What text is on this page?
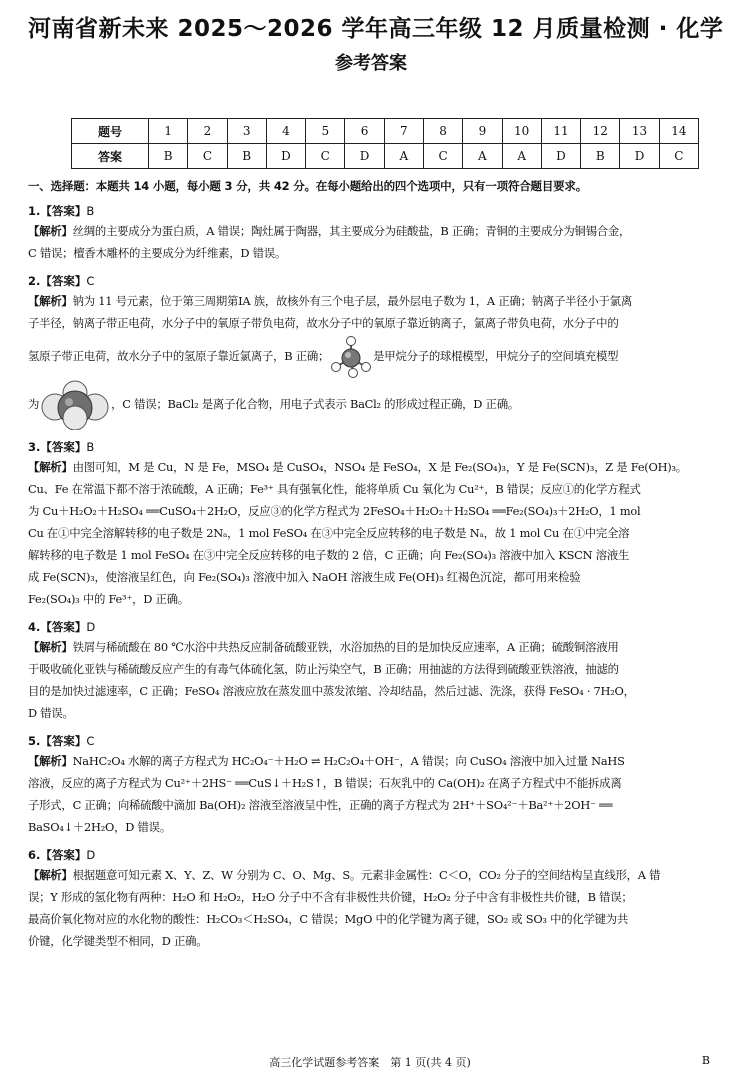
河南省新未来 2025～2026 学年高三年级 12 月质量检测 · 化学
参考答案
题号	1	2	3	4	5	6	7	8	9	10	11	12	13	14
答案	B	C	B	D	C	D	A	C	A	A	D	B	D	C
一、选择题：本题共 14 小题，每小题 3 分，共 42 分。在每小题给出的四个选项中，只有一项符合题目要求。
1.【答案】B
【解析】丝绸的主要成分为蛋白质，A 错误；陶灶属于陶器，其主要成分为硅酸盐，B 正确；青铜的主要成分为铜锡合金，
C 错误；檀香木雕杯的主要成分为纤维素，D 错误。
2.【答案】C
【解析】钠为 11 号元素，位于第三周期第ⅠA 族，故核外有三个电子层，最外层电子数为 1，A 正确；钠离子半径小于氯离
子半径，钠离子带正电荷，水分子中的氧原子带负电荷，故水分子中的氧原子靠近钠离子，氯离子带负电荷，水分子中的
氢原子带正电荷，故水分子中的氢原子靠近氯离子，B 正确；	是甲烷分子的球棍模型，甲烷分子的空间填充模型
为	，C 错误；BaCl₂ 是离子化合物，用电子式表示 BaCl₂ 的形成过程正确，D 正确。
3.【答案】B
【解析】由图可知，M 是 Cu，N 是 Fe，MSO₄ 是 CuSO₄，NSO₄ 是 FeSO₄，X 是 Fe₂(SO₄)₃，Y 是 Fe(SCN)₃，Z 是 Fe(OH)₃。
Cu、Fe 在常温下都不溶于浓硫酸，A 正确；Fe³⁺ 具有强氧化性，能将单质 Cu 氧化为 Cu²⁺，B 错误；反应①的化学方程式
为 Cu＋H₂O₂＋H₂SO₄ ══CuSO₄＋2H₂O，反应③的化学方程式为 2FeSO₄＋H₂O₂＋H₂SO₄ ══Fe₂(SO₄)₃＋2H₂O，1 mol
Cu 在①中完全溶解转移的电子数是 2Nₐ，1 mol FeSO₄ 在③中完全反应转移的电子数是 Nₐ，故 1 mol Cu 在①中完全溶
解转移的电子数是 1 mol FeSO₄ 在③中完全反应转移的电子数的 2 倍，C 正确；向 Fe₂(SO₄)₃ 溶液中加入 KSCN 溶液生
成 Fe(SCN)₃，使溶液呈红色，向 Fe₂(SO₄)₃ 溶液中加入 NaOH 溶液生成 Fe(OH)₃ 红褐色沉淀，都可用来检验
Fe₂(SO₄)₃ 中的 Fe³⁺，D 正确。
4.【答案】D
【解析】铁屑与稀硫酸在 80 ℃水浴中共热反应制备硫酸亚铁，水浴加热的目的是加快反应速率，A 正确；硫酸铜溶液用
于吸收硫化亚铁与稀硫酸反应产生的有毒气体硫化氢，防止污染空气，B 正确；用抽滤的方法得到硫酸亚铁溶液，抽滤的
目的是加快过滤速率，C 正确；FeSO₄ 溶液应放在蒸发皿中蒸发浓缩、冷却结晶，然后过滤、洗涤，获得 FeSO₄ · 7H₂O，
D 错误。
5.【答案】C
【解析】NaHC₂O₄ 水解的离子方程式为 HC₂O₄⁻＋H₂O ⇌ H₂C₂O₄＋OH⁻，A 错误；向 CuSO₄ 溶液中加入过量 NaHS
溶液，反应的离子方程式为 Cu²⁺＋2HS⁻ ══CuS↓＋H₂S↑，B 错误；石灰乳中的 Ca(OH)₂ 在离子方程式中不能拆成离
子形式，C 正确；向稀硫酸中滴加 Ba(OH)₂ 溶液至溶液呈中性，正确的离子方程式为 2H⁺＋SO₄²⁻＋Ba²⁺＋2OH⁻ ══
BaSO₄↓＋2H₂O，D 错误。
6.【答案】D
【解析】根据题意可知元素 X、Y、Z、W 分别为 C、O、Mg、S。元素非金属性：C＜O，CO₂ 分子的空间结构呈直线形，A 错
误；Y 形成的氢化物有两种：H₂O 和 H₂O₂，H₂O 分子中不含有非极性共价键，H₂O₂ 分子中含有非极性共价键，B 错误；
最高价氧化物对应的水化物的酸性：H₂CO₃＜H₂SO₄，C 错误；MgO 中的化学键为离子键，SO₂ 或 SO₃ 中的化学键为共
价键，化学键类型不相同，D 正确。
高三化学试题参考答案　第 1 页(共 4 页)	B
